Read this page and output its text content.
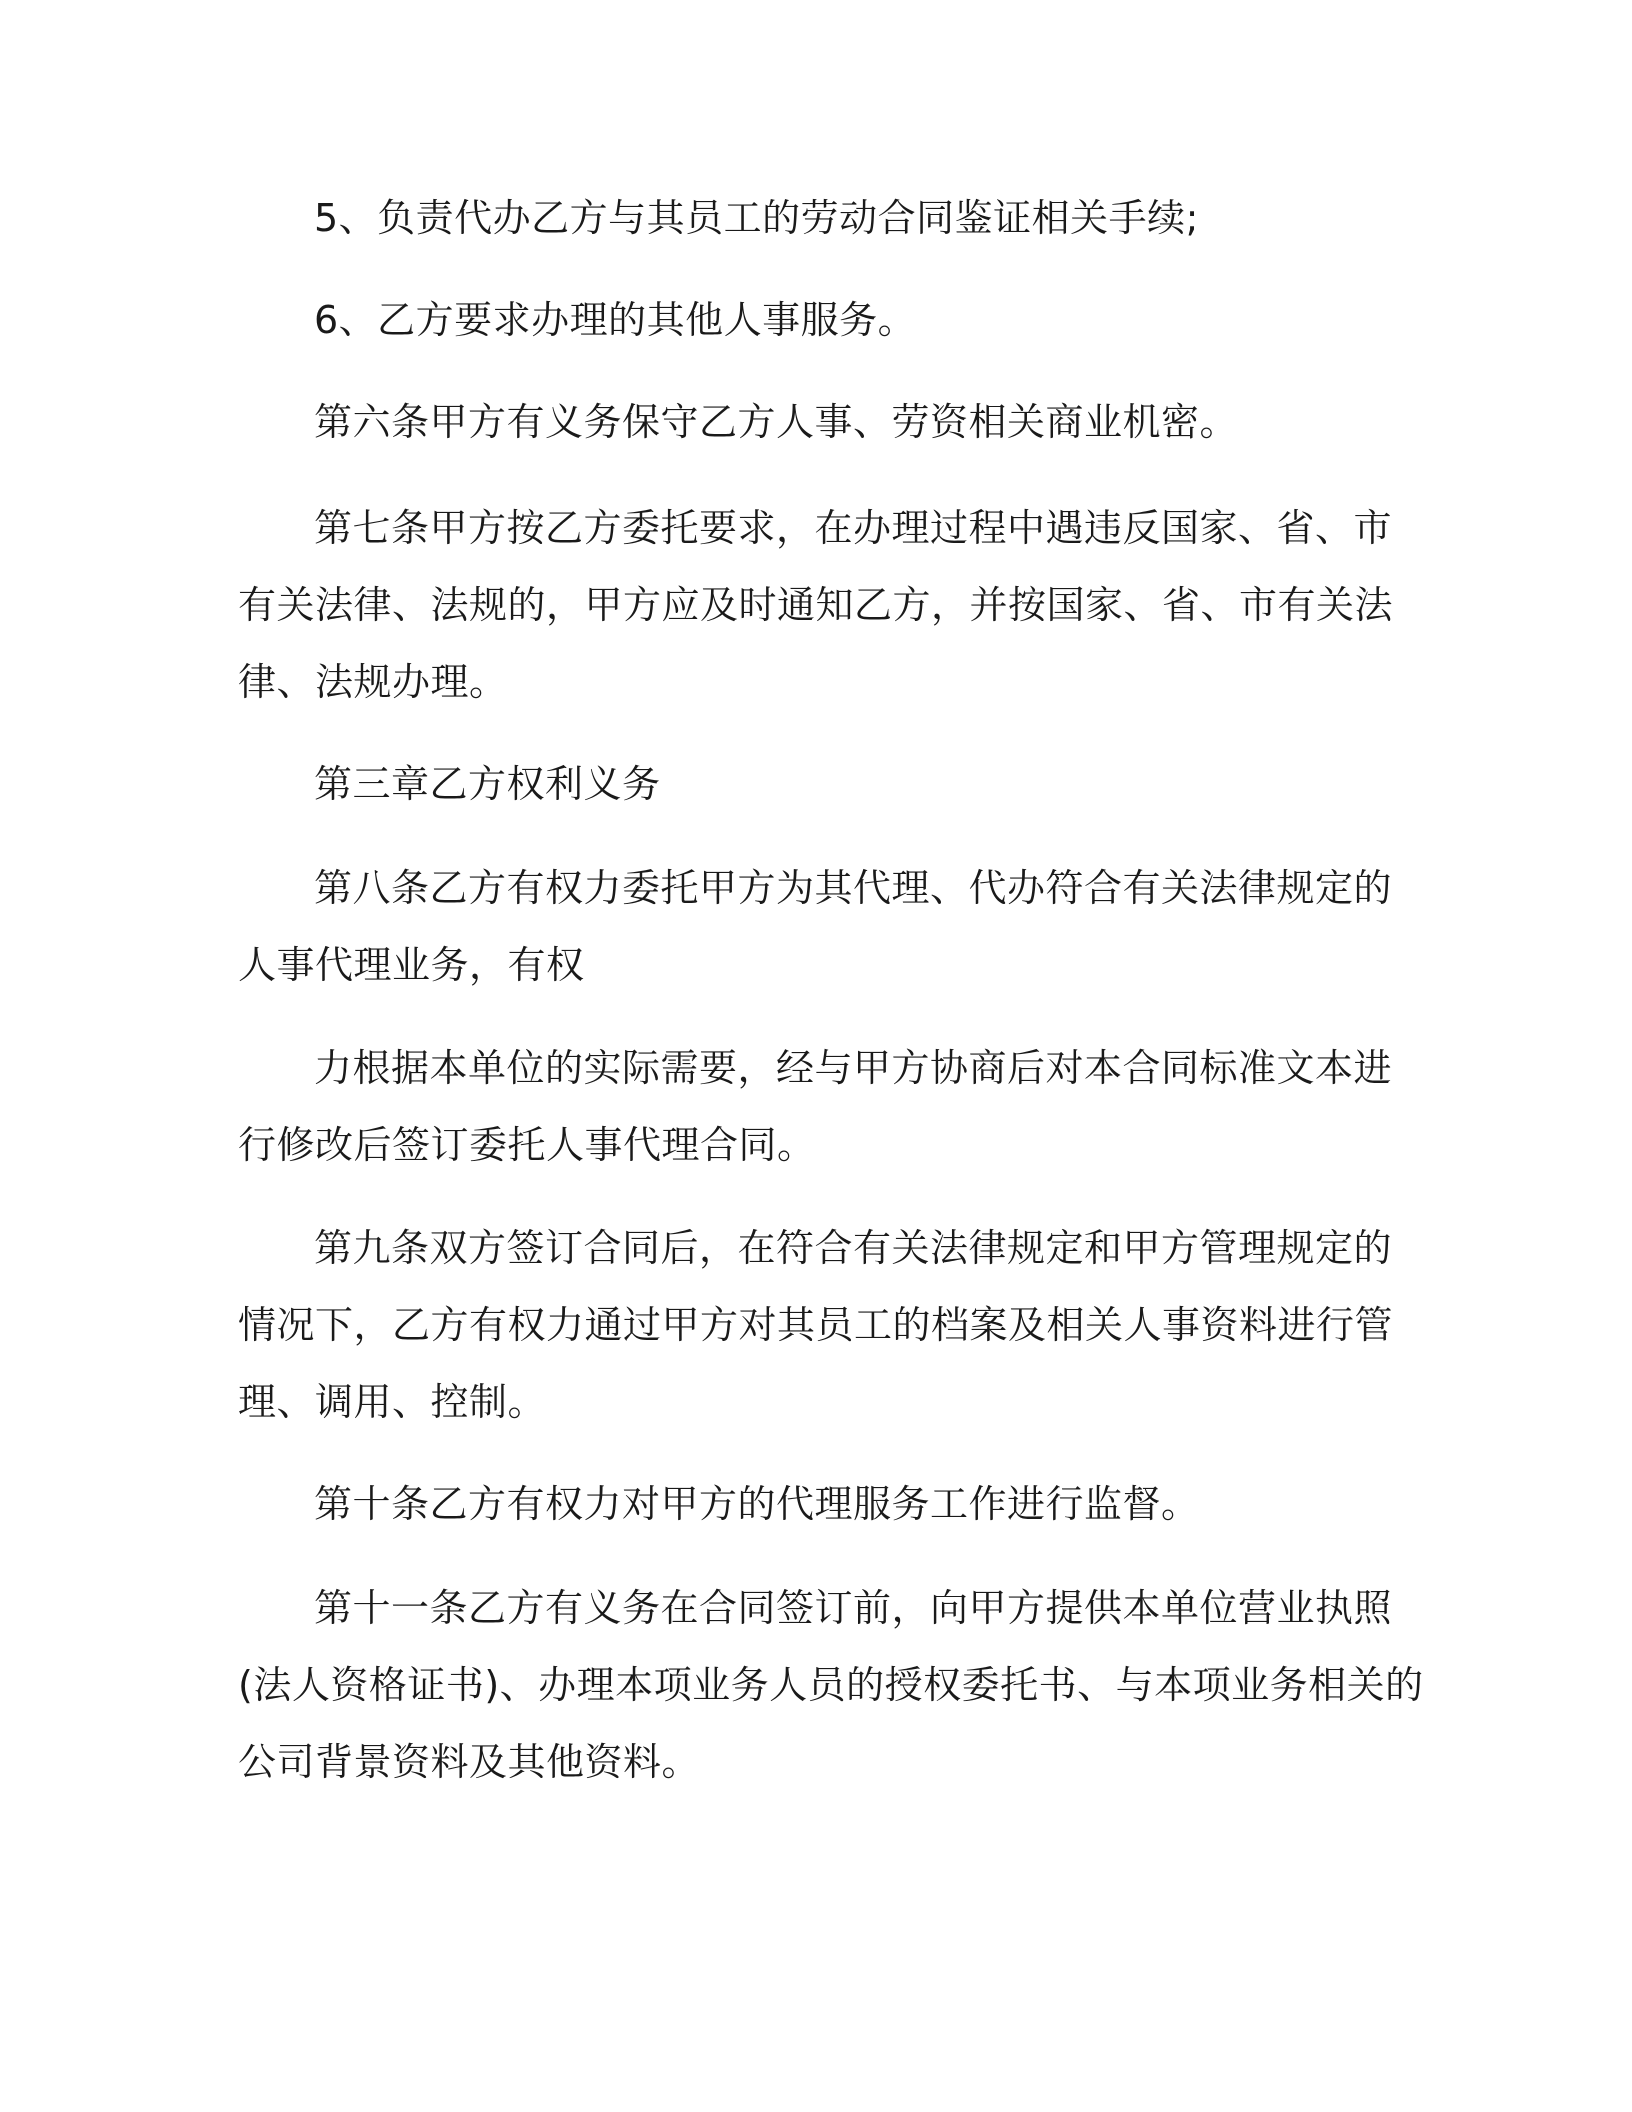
5、负责代办乙方与其员工的劳动合同鉴证相关手续;
6、乙方要求办理的其他人事服务。
第六条甲方有义务保守乙方人事、劳资相关商业机密。
第七条甲方按乙方委托要求，在办理过程中遇违反国家、省、市
有关法律、法规的，甲方应及时通知乙方，并按国家、省、市有关法
律、法规办理。
第三章乙方权利义务
第八条乙方有权力委托甲方为其代理、代办符合有关法律规定的
人事代理业务，有权
力根据本单位的实际需要，经与甲方协商后对本合同标准文本进
行修改后签订委托人事代理合同。
第九条双方签订合同后，在符合有关法律规定和甲方管理规定的
情况下，乙方有权力通过甲方对其员工的档案及相关人事资料进行管
理、调用、控制。
第十条乙方有权力对甲方的代理服务工作进行监督。
第十一条乙方有义务在合同签订前，向甲方提供本单位营业执照
(法人资格证书)、办理本项业务人员的授权委托书、与本项业务相关的
公司背景资料及其他资料。
